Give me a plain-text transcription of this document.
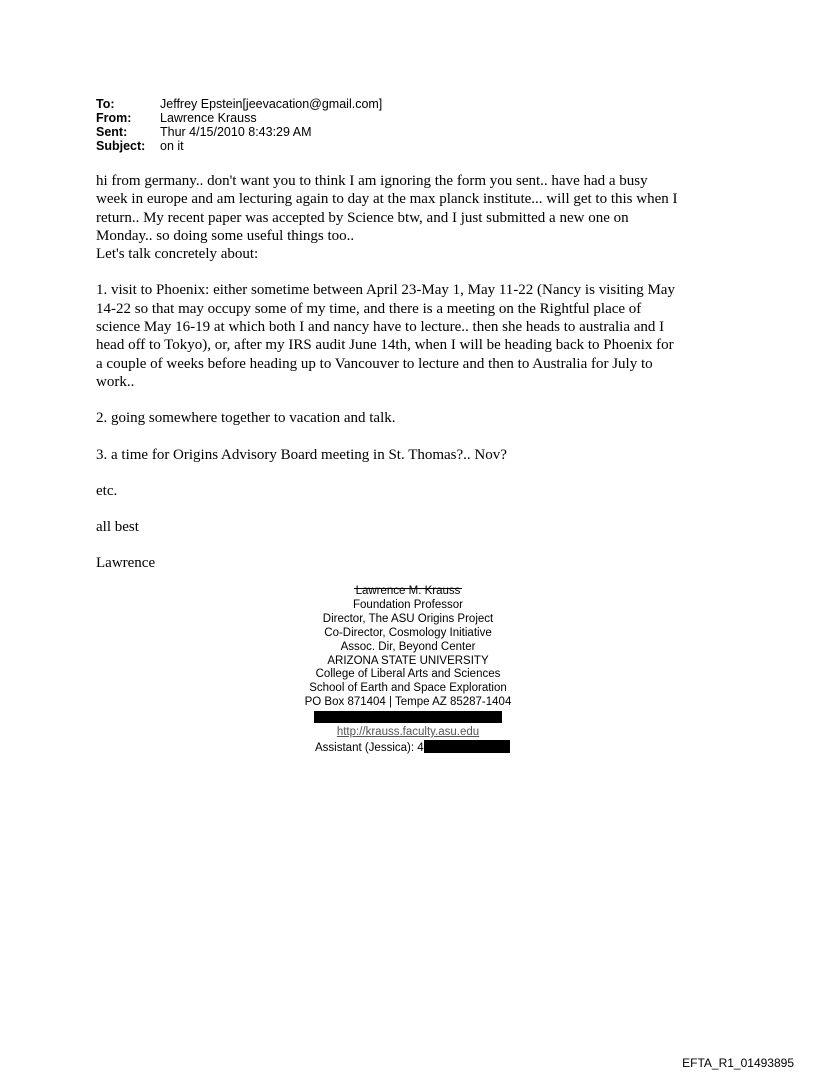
To:	Jeffrey Epstein[jeevacation@gmail.com]
From:	Lawrence Krauss
Sent:	Thur 4/15/2010 8:43:29 AM
Subject:	on it

hi from germany.. don't want you to think I am ignoring the form you sent.. have had a busy

week in europe and am lecturing again to day at the max planck institute... will get to this when I

return.. My recent paper was accepted by Science btw, and I just submitted a new one on

Monday.. so doing some useful things too..

Let's talk concretely about:

1. visit to Phoenix: either sometime between April 23-May 1, May 11-22 (Nancy is visiting May

14-22 so that may occupy some of my time, and there is a meeting on the Rightful place of

science May 16-19 at which both I and nancy have to lecture.. then she heads to australia and I

head off to Tokyo), or, after my IRS audit June 14th, when I will be heading back to Phoenix for

a couple of weeks before heading up to Vancouver to lecture and then to Australia for July to

work..

2. going somewhere together to vacation and talk.

3. a time for Origins Advisory Board meeting in St. Thomas?.. Nov?

etc.

all best

Lawrence

Lawrence M. Krauss
Foundation Professor
Director, The ASU Origins Project
Co-Director, Cosmology Initiative
Assoc. Dir, Beyond Center
ARIZONA STATE UNIVERSITY
College of Liberal Arts and Sciences
School of Earth and Space Exploration
PO Box 871404 | Tempe AZ 85287-1404
http://krauss.faculty.asu.edu
Assistant (Jessica): 4
EFTA_R1_01493895
